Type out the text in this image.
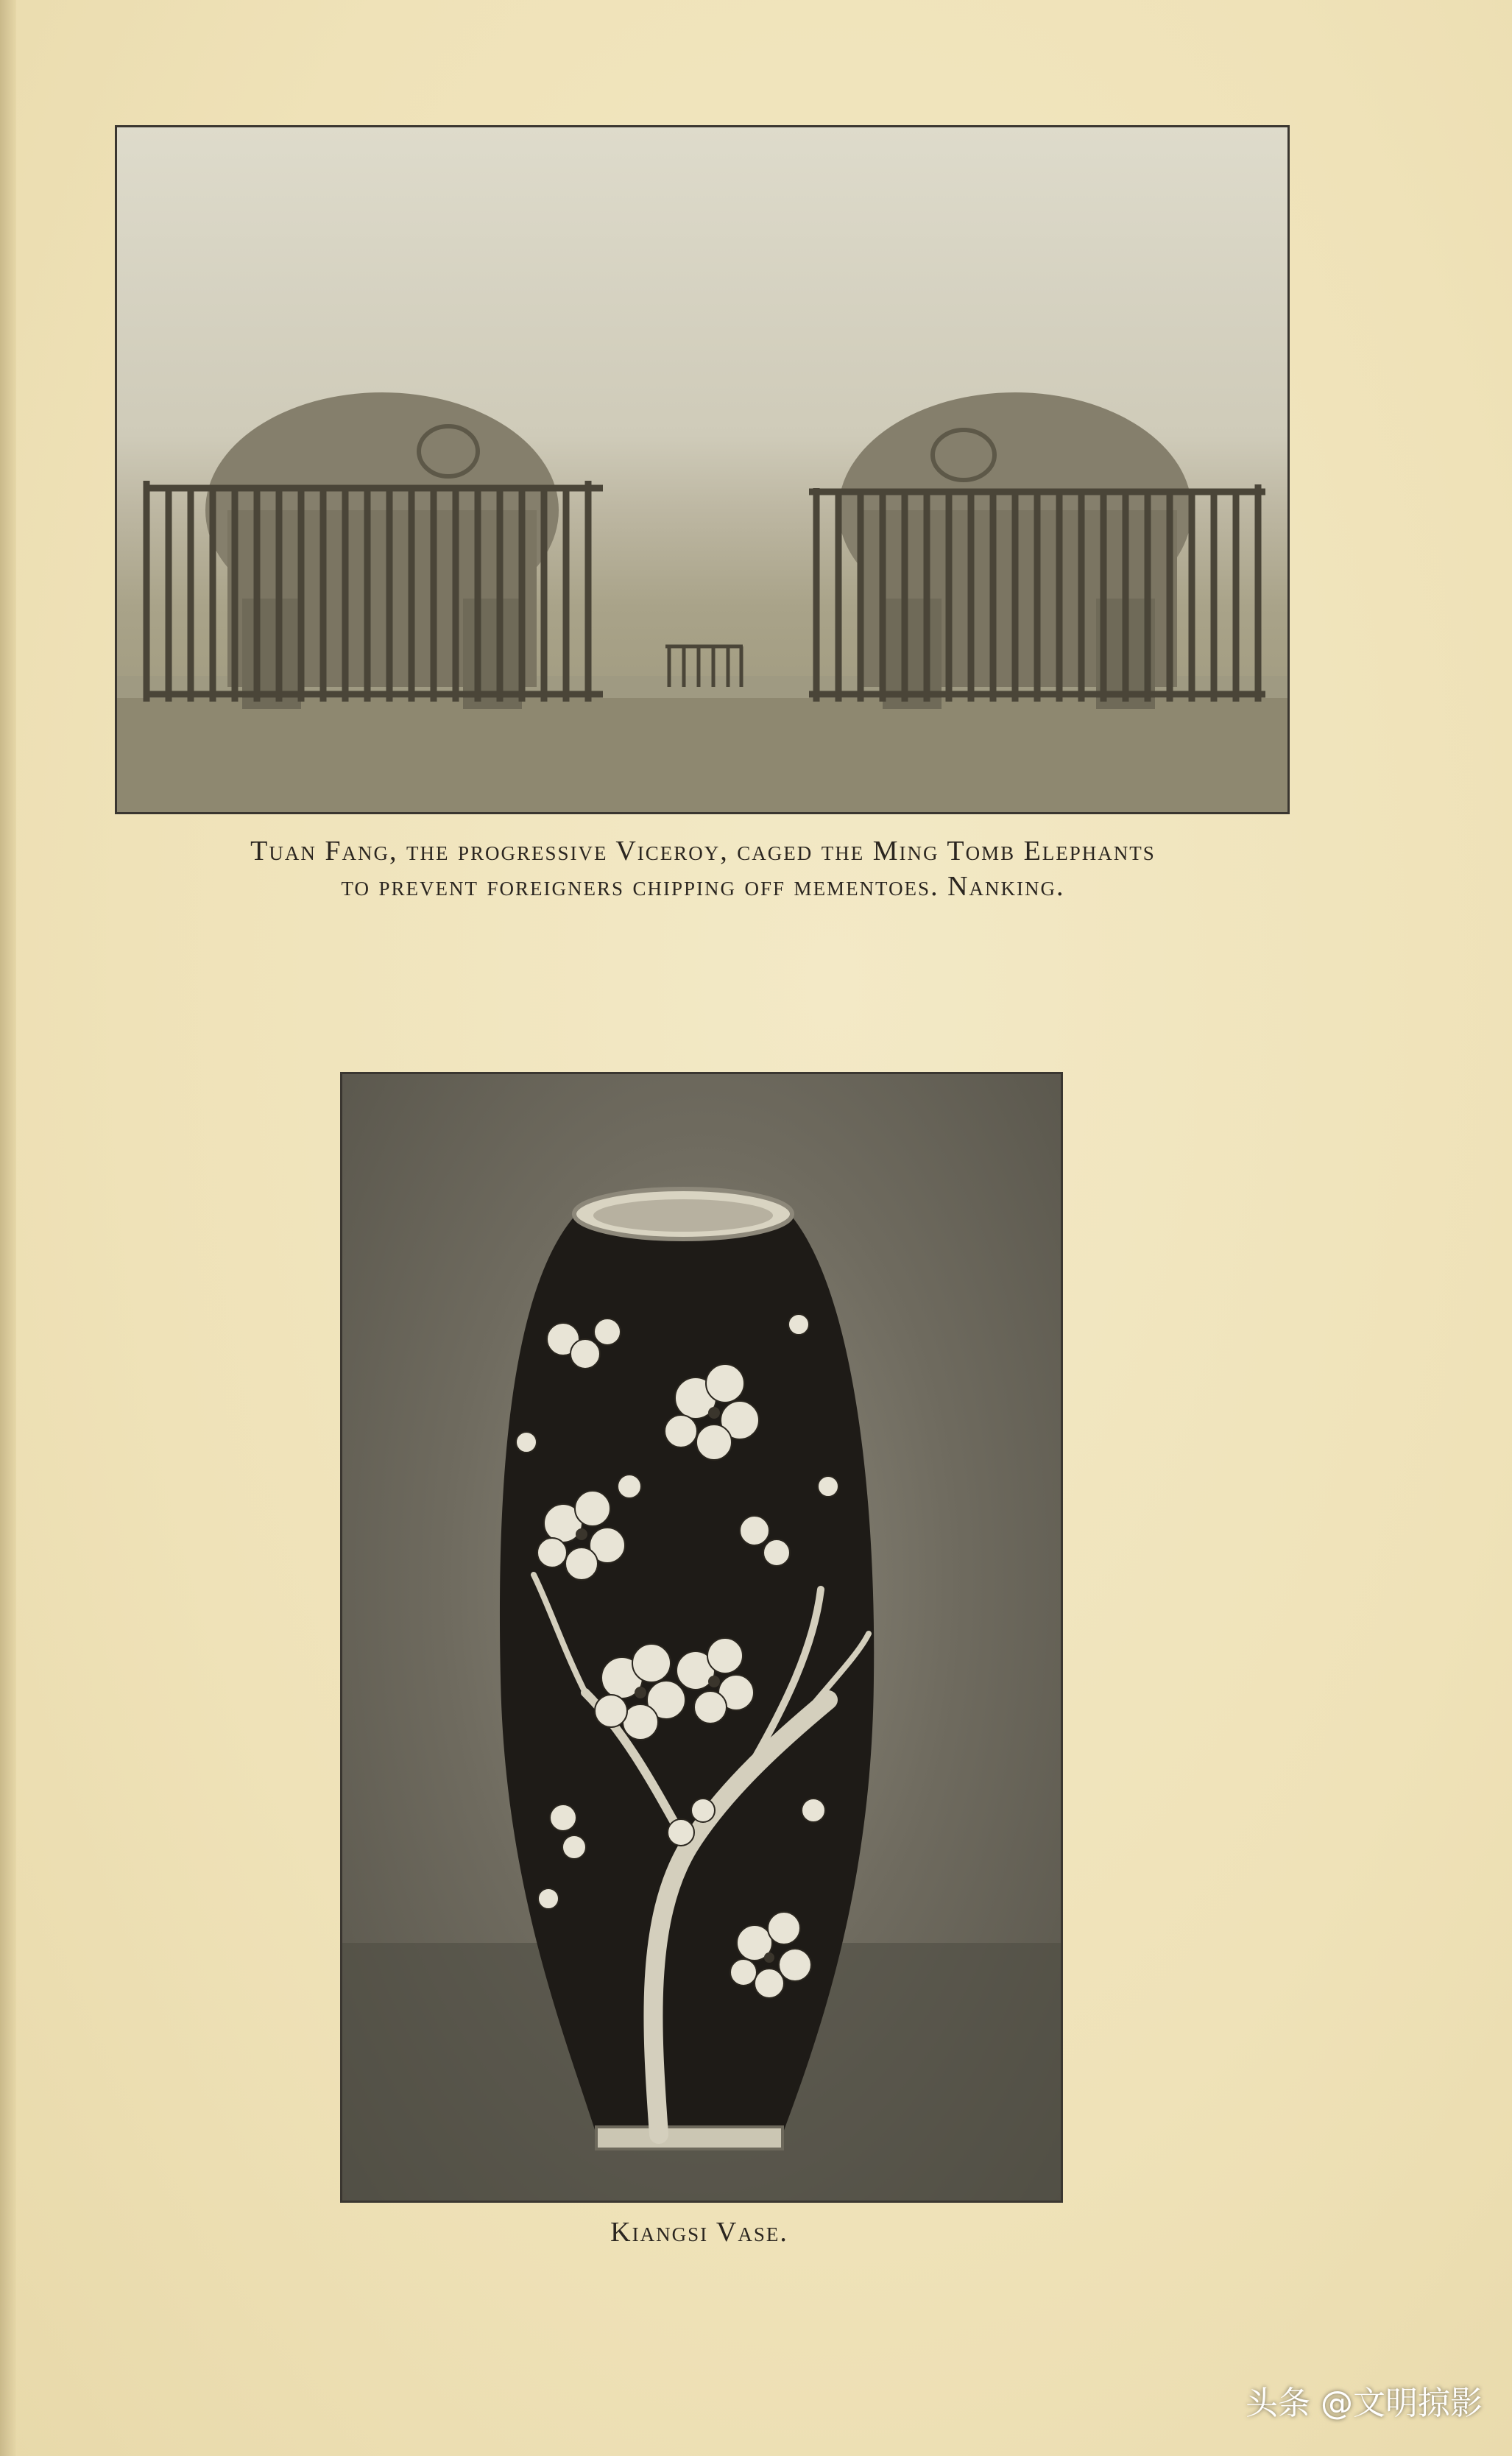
Tuan Fang, the progressive Viceroy, caged the Ming Tomb Elephants
to prevent foreigners chipping off mementoes. Nanking.
Kiangsi Vase.
头条 @文明掠影
